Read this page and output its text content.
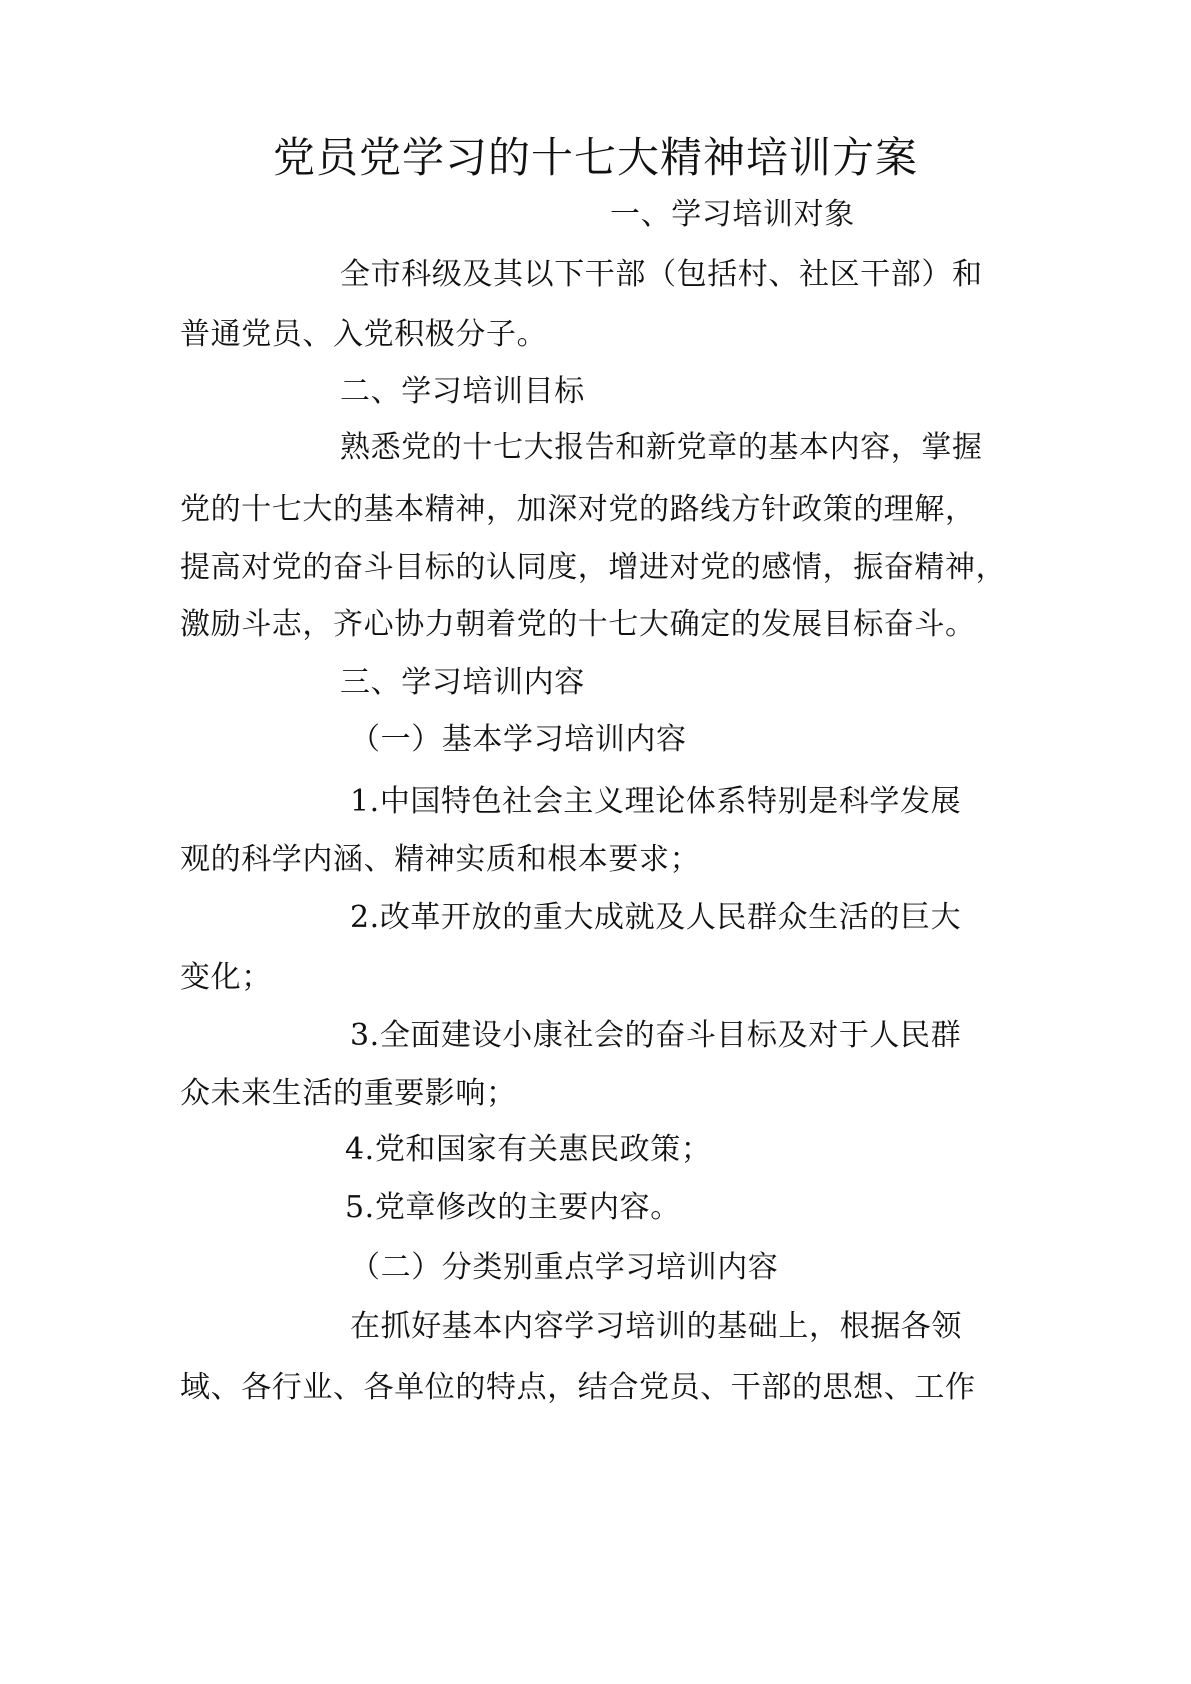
党员党学习的十七大精神培训方案
一、学习培训对象
全市科级及其以下干部（包括村、社区干部）和
普通党员、入党积极分子。
二、学习培训目标
熟悉党的十七大报告和新党章的基本内容，掌握
党的十七大的基本精神，加深对党的路线方针政策的理解，
提高对党的奋斗目标的认同度，增进对党的感情，振奋精神，
激励斗志，齐心协力朝着党的十七大确定的发展目标奋斗。
三、学习培训内容
（一）基本学习培训内容
1.中国特色社会主义理论体系特别是科学发展
观的科学内涵、精神实质和根本要求；
2.改革开放的重大成就及人民群众生活的巨大
变化；
3.全面建设小康社会的奋斗目标及对于人民群
众未来生活的重要影响；
4.党和国家有关惠民政策；
5.党章修改的主要内容。
（二）分类别重点学习培训内容
在抓好基本内容学习培训的基础上，根据各领
域、各行业、各单位的特点，结合党员、干部的思想、工作
